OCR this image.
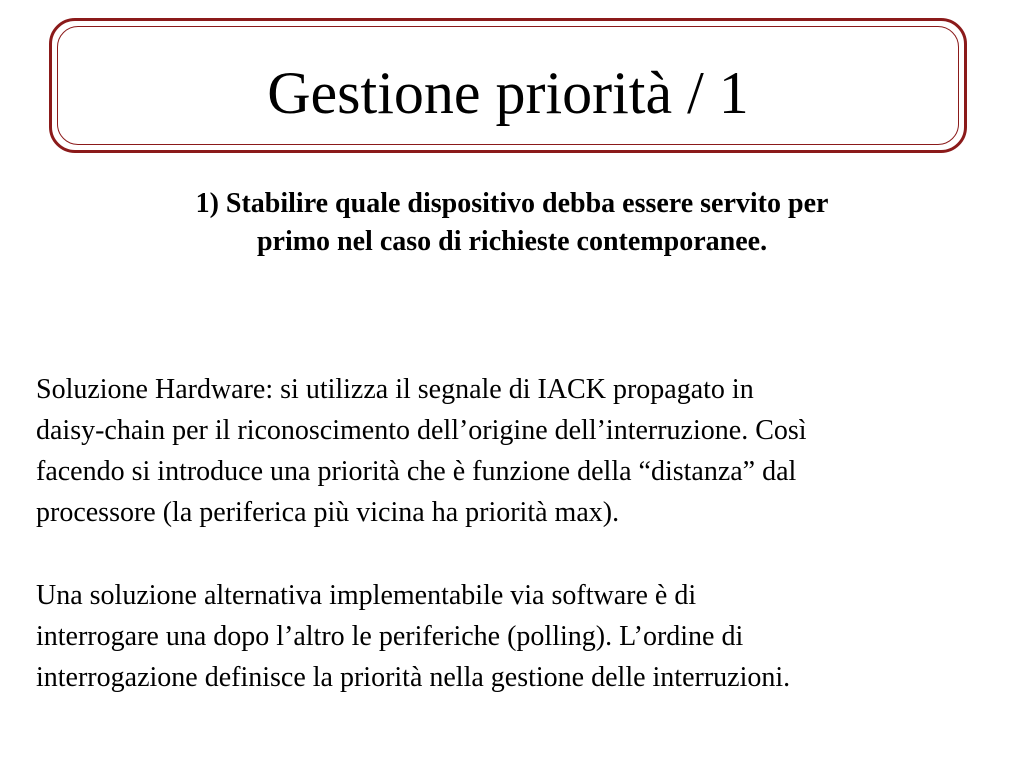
Gestione priorità / 1

1) Stabilire quale dispositivo debba essere servito per
primo nel caso di richieste contemporanee.

Soluzione Hardware: si utilizza il segnale di IACK propagato in
daisy-chain per il riconoscimento dell’origine dell’interruzione. Così
facendo si introduce una priorità che è funzione della “distanza” dal
processore (la periferica più vicina ha priorità max).

Una soluzione alternativa implementabile via software è di
interrogare una dopo l’altro le periferiche (polling). L’ordine di
interrogazione definisce la priorità nella gestione delle interruzioni.
